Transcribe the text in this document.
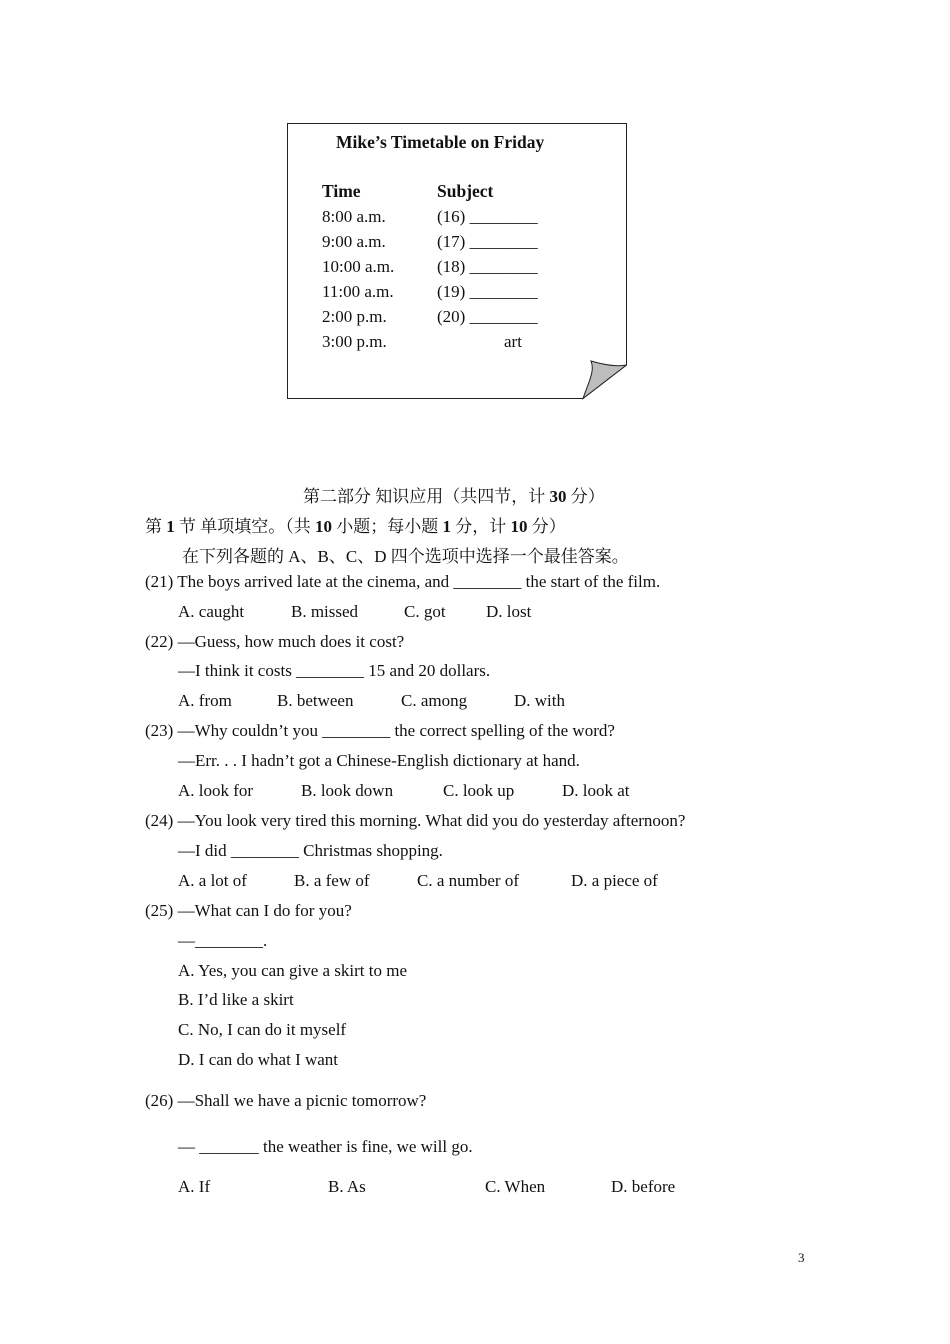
Mike’s Timetable on Friday
Time	Subject
8:00 a.m.	(16) ________
9:00 a.m.	(17) ________
10:00 a.m.	(18) ________
11:00 a.m.	(19) ________
2:00 p.m.	(20) ________
3:00 p.m.	art
第二部分 知识应用（共四节，计 30 分）
第 1 节 单项填空。（共 10 小题；每小题 1 分，计 10 分）
在下列各题的 A、B、C、D 四个选项中选择一个最佳答案。
(21) The boys arrived late at the cinema, and ________ the start of the film.
A. caught	B. missed	C. got D. lost
(22) —Guess, how much does it cost?
—I think it costs ________ 15 and 20 dollars.
A. from	B. between	C. among	D. with
(23) —Why couldn’t you ________ the correct spelling of the word?
—Err. . . I hadn’t got a Chinese-English dictionary at hand.
A. look for	B. look down	C. look up	D. look at
(24) —You look very tired this morning. What did you do yesterday afternoon?
—I did ________ Christmas shopping.
A. a lot of	B. a few of	C. a number of	D. a piece of
(25) —What can I do for you?
—________.
A. Yes, you can give a skirt to me
B. I’d like a skirt
C. No, I can do it myself
D. I can do what I want
(26) —Shall we have a picnic tomorrow?
— _______ the weather is fine, we will go.
A. If	B. As	C. When	D. before
3
